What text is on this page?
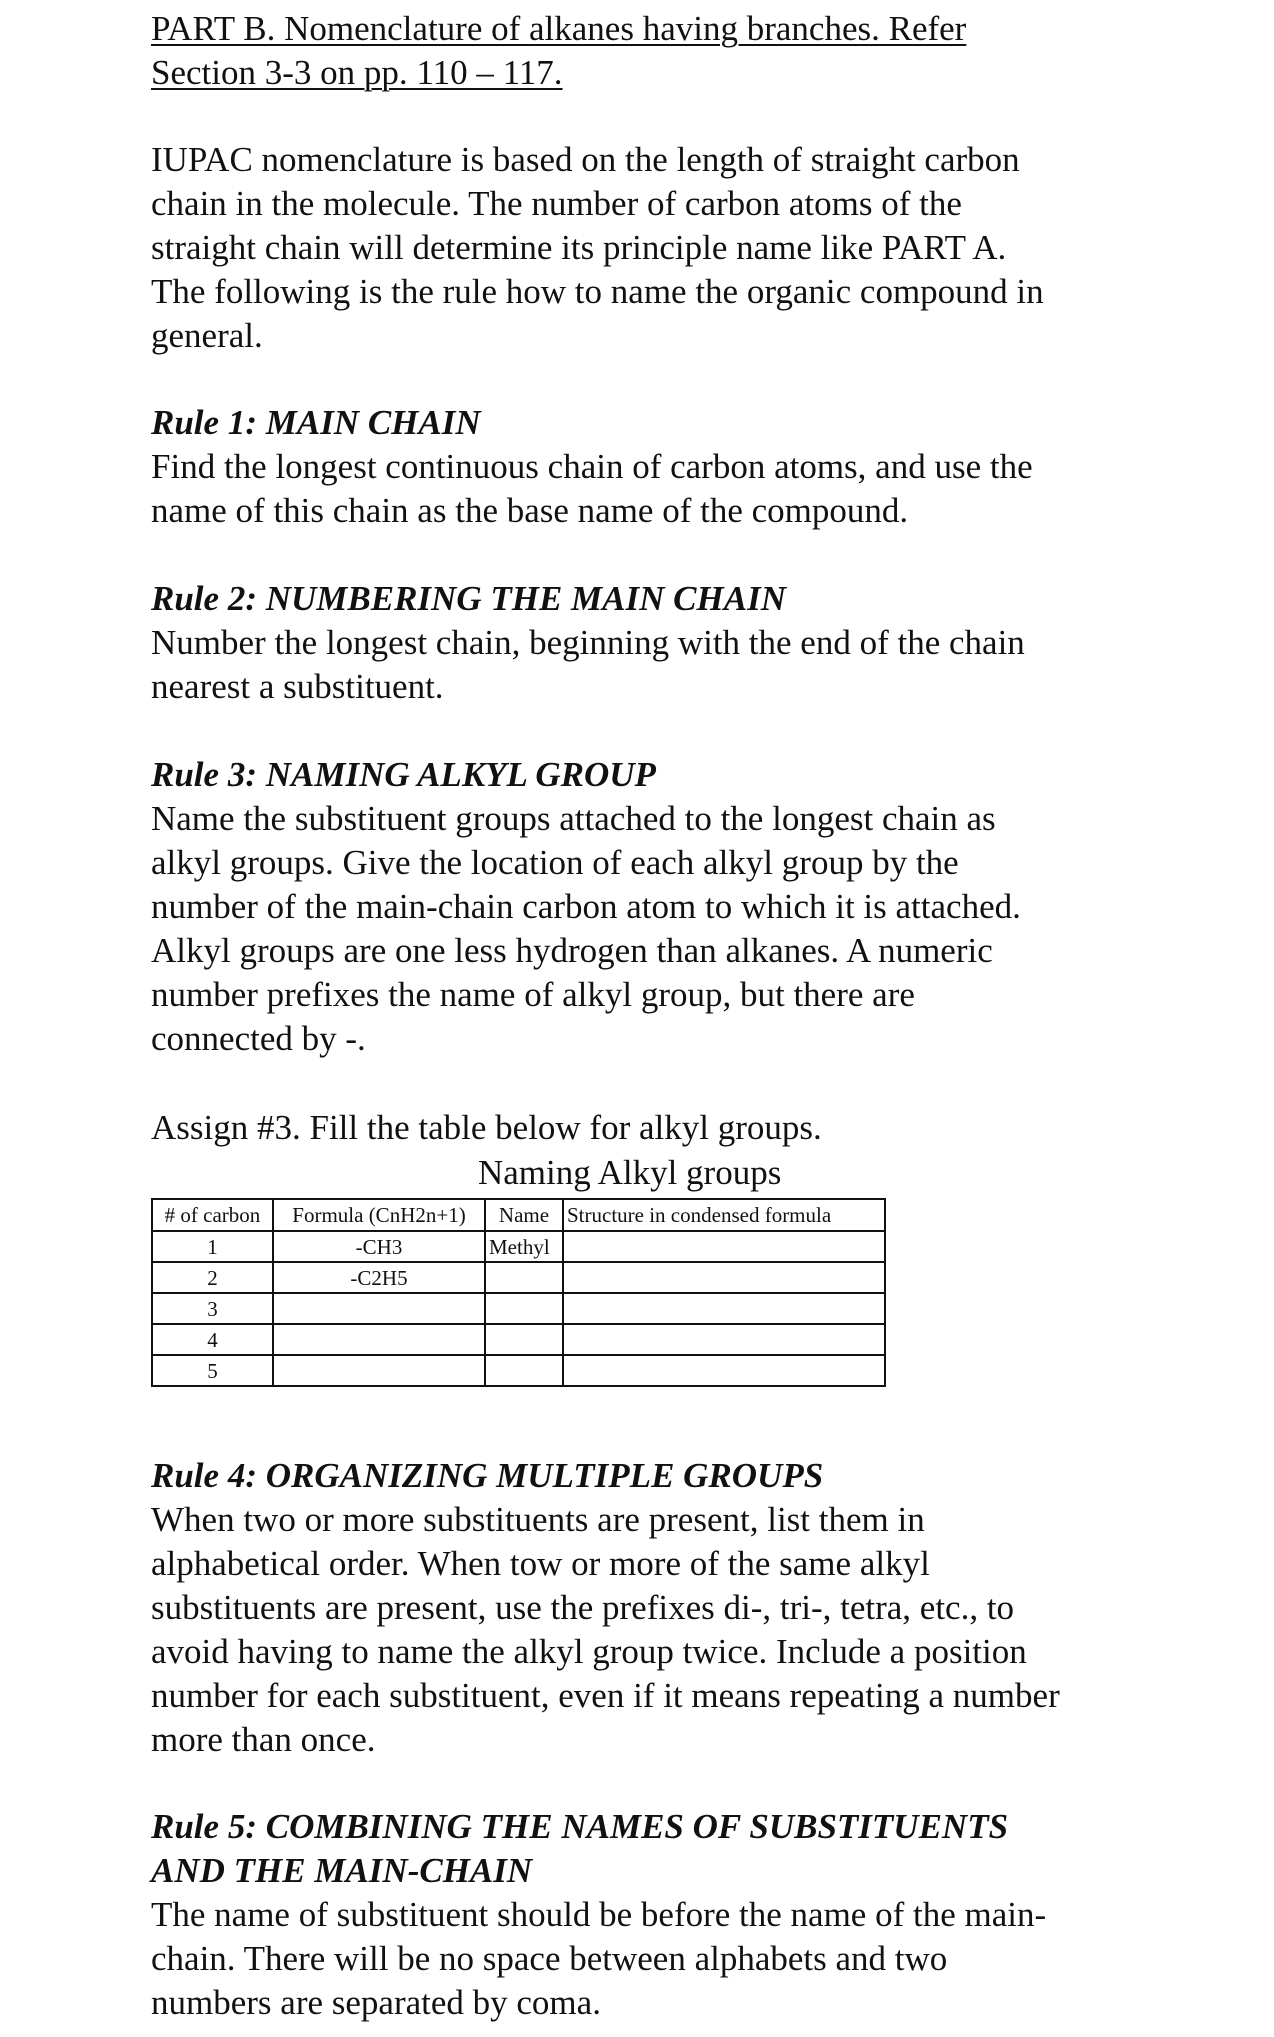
PART B. Nomenclature of alkanes having branches. Refer
Section 3-3 on pp. 110 – 117.

IUPAC nomenclature is based on the length of straight carbon
chain in the molecule. The number of carbon atoms of the
straight chain will determine its principle name like PART A.
The following is the rule how to name the organic compound in
general.

Rule 1: MAIN CHAIN
Find the longest continuous chain of carbon atoms, and use the
name of this chain as the base name of the compound.
Rule 2: NUMBERING THE MAIN CHAIN
Number the longest chain, beginning with the end of the chain
nearest a substituent.
Rule 3: NAMING ALKYL GROUP
Name the substituent groups attached to the longest chain as
alkyl groups. Give the location of each alkyl group by the
number of the main-chain carbon atom to which it is attached.
Alkyl groups are one less hydrogen than alkanes. A numeric
number prefixes the name of alkyl group, but there are
connected by -.

Assign #3. Fill the table below for alkyl groups.

Naming Alkyl groups
# of carbon	Formula (CnH2n+1)	Name	Structure in condensed formula
1	-CH3	Methyl	
2	-C2H5		
3			
4			
5			
Rule 4: ORGANIZING MULTIPLE GROUPS
When two or more substituents are present, list them in
alphabetical order. When tow or more of the same alkyl
substituents are present, use the prefixes di-, tri-, tetra, etc., to
avoid having to name the alkyl group twice. Include a position
number for each substituent, even if it means repeating a number
more than once.
Rule 5: COMBINING THE NAMES OF SUBSTITUENTS
AND THE MAIN-CHAIN
The name of substituent should be before the name of the main-
chain. There will be no space between alphabets and two
numbers are separated by coma.
